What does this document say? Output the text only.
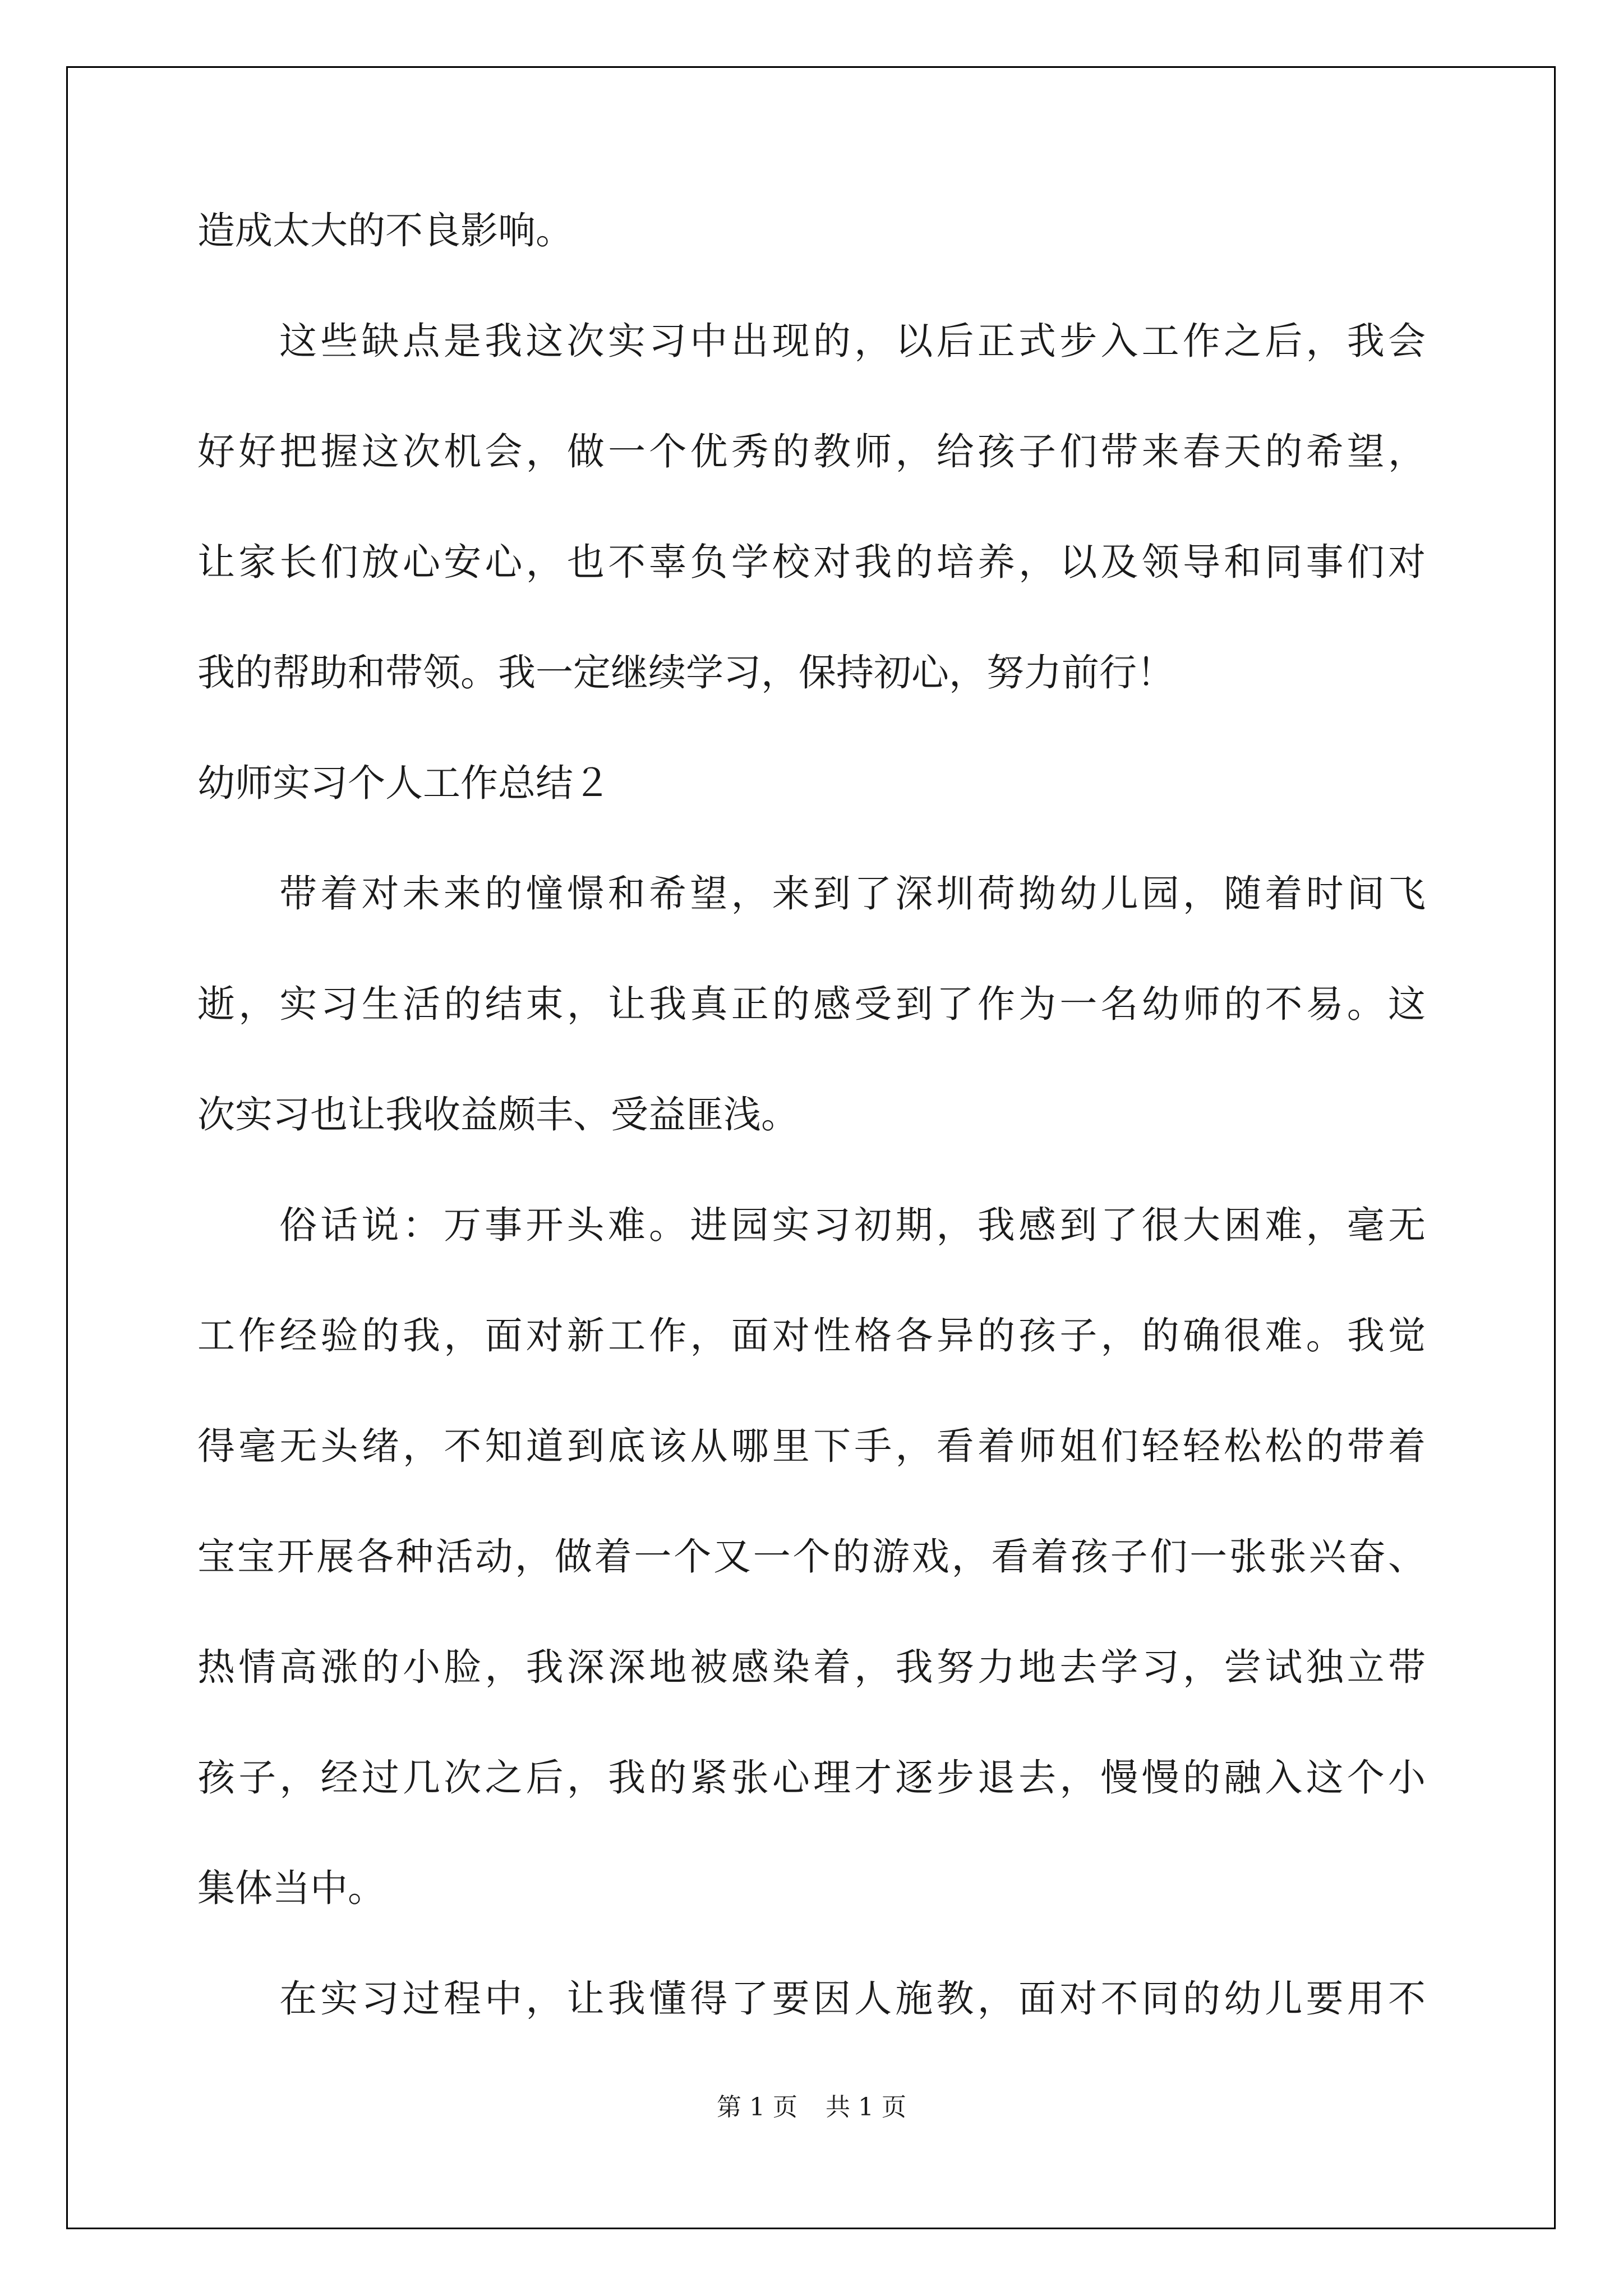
造成太大的不良影响。
这些缺点是我这次实习中出现的，以后正式步入工作之后，我会
好好把握这次机会，做一个优秀的教师，给孩子们带来春天的希望，
让家长们放心安心，也不辜负学校对我的培养，以及领导和同事们对
我的帮助和带领。我一定继续学习，保持初心，努力前行！
幼师实习个人工作总结２
带着对未来的憧憬和希望，来到了深圳荷拗幼儿园，随着时间飞
逝，实习生活的结束，让我真正的感受到了作为一名幼师的不易。这
次实习也让我收益颇丰、受益匪浅。
俗话说：万事开头难。进园实习初期，我感到了很大困难，毫无
工作经验的我，面对新工作，面对性格各异的孩子，的确很难。我觉
得毫无头绪，不知道到底该从哪里下手，看着师姐们轻轻松松的带着
宝宝开展各种活动，做着一个又一个的游戏，看着孩子们一张张兴奋、
热情高涨的小脸，我深深地被感染着，我努力地去学习，尝试独立带
孩子，经过几次之后，我的紧张心理才逐步退去，慢慢的融入这个小
集体当中。
在实习过程中，让我懂得了要因人施教，面对不同的幼儿要用不
第 1 页 共 1 页
